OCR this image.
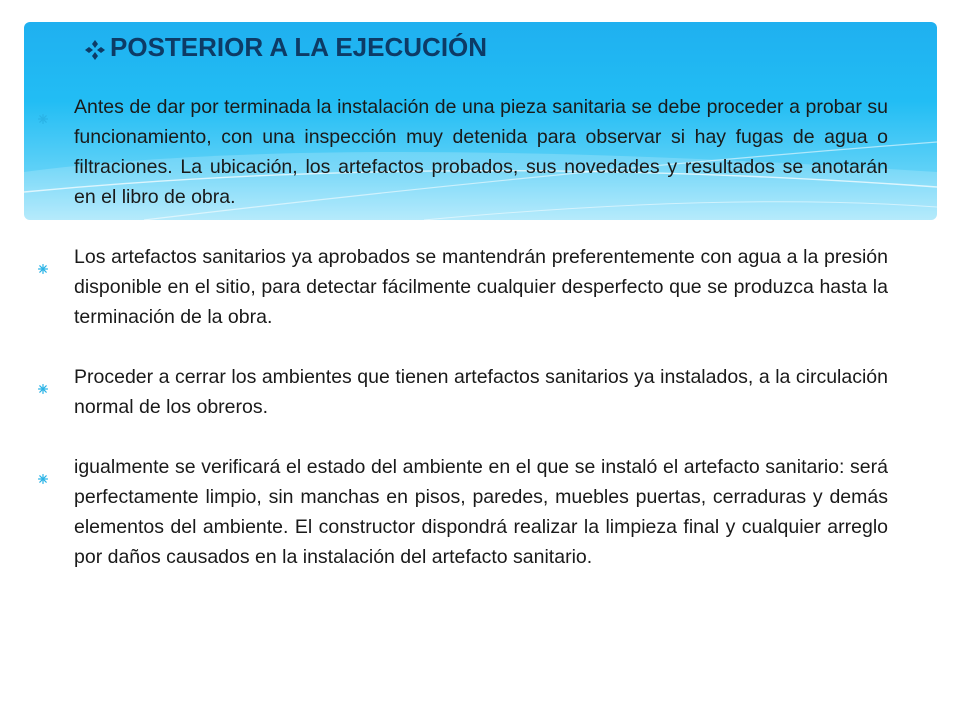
POSTERIOR A LA EJECUCIÓN
Antes de dar por terminada la instalación de una pieza sanitaria se debe proceder a probar su funcionamiento, con una inspección muy detenida para observar si hay fugas de agua o filtraciones. La ubicación, los artefactos probados, sus novedades y resultados se anotarán en el libro de obra.
Los artefactos sanitarios ya aprobados se mantendrán preferentemente con agua a la presión disponible en el sitio, para detectar fácilmente cualquier desperfecto que se produzca hasta la terminación de la obra.
Proceder a cerrar los ambientes que tienen artefactos sanitarios ya instalados, a la circulación normal de los obreros.
igualmente se verificará el estado del ambiente en el que se instaló el artefacto sanitario: será perfectamente limpio, sin manchas en pisos, paredes, muebles puertas, cerraduras y demás elementos del ambiente. El constructor dispondrá realizar la limpieza final y cualquier arreglo por daños causados en la instalación del artefacto sanitario.
